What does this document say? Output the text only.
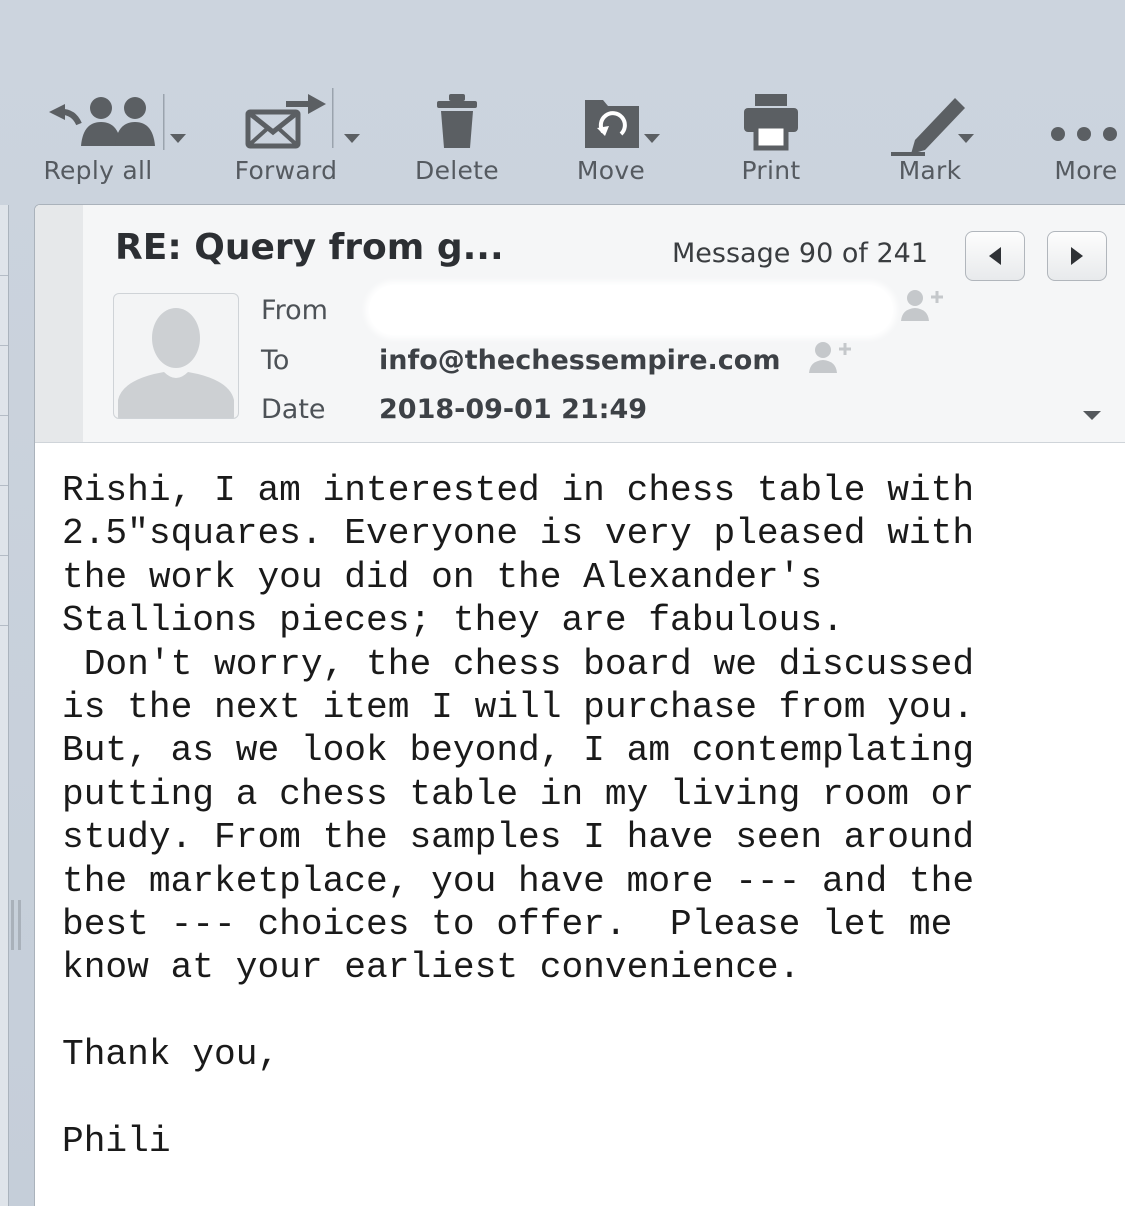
Reply all	Forward	Delete	Move	Print	Mark	More
RE: Query from g...	Message 90 of 241
From
To	info@thechessempire.com
Date 2018-09-01 21:49
Rishi, I am interested in chess table with
2.5"squares. Everyone is very pleased with
the work you did on the Alexander's
Stallions pieces; they are fabulous.
Don't worry, the chess board we discussed
is the next item I will purchase from you.
But, as we look beyond, I am contemplating
putting a chess table in my living room or
study. From the samples I have seen around
the marketplace, you have more --- and the
best --- choices to offer.  Please let me
know at your earliest convenience.

Thank you,

Phili
